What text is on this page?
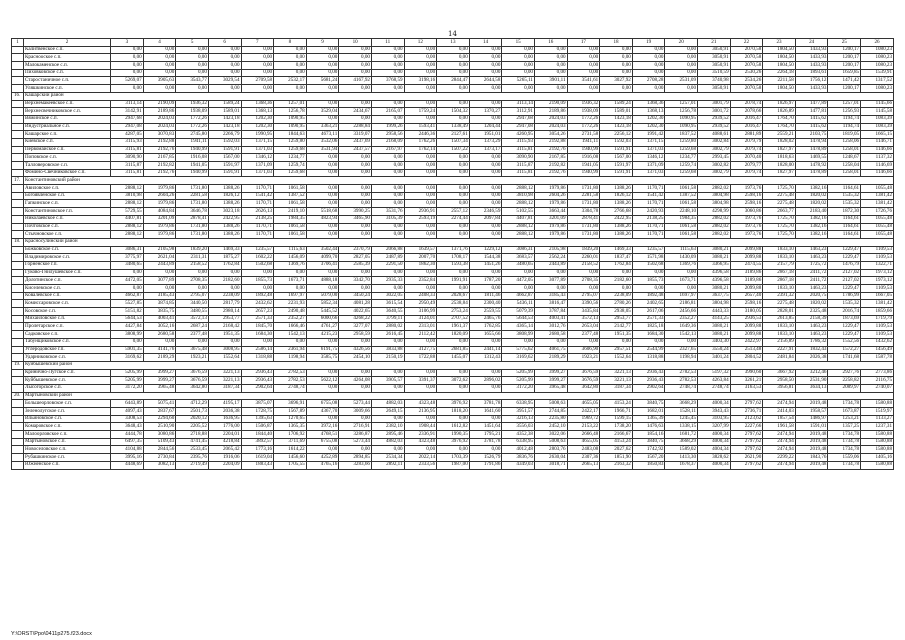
14
1	2	3	4	5	6	7	8	9	10	11	12	13	14	15	16	17	18	19	20	21	22	23	24	25	26
	Калитвенское с.п.	0,00	0,00	0,00	0,00	0,00	0,00	0,00	0,00	0,00	0,00	0,00	0,00	0,00	0,00	0,00	0,00	0,00	0,00	3050,91	2070,58	1804,50	1433,93	1200,17	1080,23
	Краснооское с.п.	0,00	0,00	0,00	0,00	0,00	0,00	0,00	0,00	0,00	0,00	0,00	0,00	0,00	0,00	0,00	0,00	0,00	0,00	3050,91	2070,58	1804,50	1433,93	1200,17	1080,23
	Малокаменское с.п.	0,00	0,00	0,00	0,00	0,00	0,00	0,00	0,00	0,00	0,00	0,00	0,00	0,00	0,00	0,00	0,00	0,00	0,00	3050,91	2070,58	1804,50	1433,93	1200,17	1080,23
	Пиховковское с.п.	0,00	0,00	0,00	0,00	0,00	0,00	0,00	0,00	0,00	0,00	0,00	0,00	0,00	0,00	0,00	0,00	0,00	0,00	3510,59	2530,26	2264,18	1893,61	1659,85	1539,91
	Старостаничное с.п.	5269,07	3905,63	3543,77	3029,54	2709,58	2532,17	5681,24	4167,92	3768,59	3198,16	2844,47	2644,58	5265,11	3901,11	3541,61	3027,92	2708,28	2531,09	3740,98	2534,26	2211,58	1756,12	1471,42	1317,52
	Уляшкинское с.п.	0,00	0,00	0,00	0,00	0,00	0,00	0,00	0,00	0,00	0,00	0,00	0,00	0,00	0,00	0,00	0,00	0,00	0,00	3050,91	2070,58	1804,50	1433,93	1200,17	1080,23
16.	Кашарский район																								
	Верхнемакеевское с.п.	3113,14	2190,09	1936,32	1589,24	1368,36	1257,01	0,00	0,00	0,00	0,00	0,00	0,00	3113,14	2190,09	1936,32	1589,24	1368,36	1257,01	3001,79	2078,74	1826,97	1477,89	1257,01	1145,66
	Верхнесвечниковское с.п.	3142,91	2189,86	1938,09	1589,01	1368,13	1256,78	3529,04	2434,67	2165,07	1759,24	1504,32	1370,27	3112,91	2189,86	1938,09	1589,01	1368,13	1256,78	3001,72	2078,66	1826,89	1477,81	1256,93	1145,58
	Вяжинское с.п.	2947,68	2024,03	1772,26	1423,18	1202,30	1090,95	0,00	0,00	0,00	0,00	0,00	0,00	2947,68	2024,03	1772,26	1423,18	1202,30	1090,95	2939,52	2016,47	1764,70	1415,62	1194,74	1083,39
	Индустриальное с.п.	2947,08	2024,03	1772,26	1423,18	1202,30	1090,95	3363,21	2288,84	1999,26	1593,41	1338,49	1204,44	2947,08	2024,03	1772,26	1423,18	1202,30	1090,95	2939,52	2016,47	1764,70	1415,62	1194,74	1083,39
	Кашарское с.п.	4287,05	3070,83	2745,80	2266,79	1990,95	1844,63	4673,11	3319,07	2958,56	2446,36	2127,61	1951,01	4260,95	3054,26	2731,58	2256,12	1991,42	1837,52	4088,61	2881,89	2559,21	2103,75	1819,05	1665,15
	Киевское с.п.	3115,93	2192,88	1941,11	1592,03	1371,15	1259,80	3532,06	2437,69	2168,09	1762,26	1507,34	1373,29	3115,93	2192,88	1941,11	1592,03	1371,15	1259,80	3002,84	2079,79	1828,02	1478,94	1258,06	1146,71
	Первомайское с.п.	3115,81	2192,76	1940,99	1591,91	1371,03	1259,68	3531,94	2437,57	2167,97	1762,14	1507,22	1373,17	3115,81	2192,76	1940,99	1591,91	1371,03	1259,68	3002,79	2079,74	1827,97	1478,89	1258,01	1146,66
	Поповское с.п.	3090,90	2167,85	1916,08	1567,00	1346,12	1234,77	0,00	0,00	0,00	0,00	0,00	0,00	3090,90	2167,85	1916,08	1567,00	1346,12	1234,77	2993,45	2070,40	1818,63	1469,55	1248,67	1137,32
	Талловеровское с.п.	3115,87	2192,82	1941,05	1591,97	1371,09	1259,74	0,00	0,00	0,00	0,00	0,00	0,00	3115,87	2192,82	1941,05	1591,97	1371,09	1259,74	3002,82	2079,77	1828,00	1478,92	1258,04	1146,69
	Фомино-Свечниковское с.п.	3115,81	2192,76	1940,99	1591,91	1371,03	1259,68	0,00	0,00	0,00	0,00	0,00	0,00	3115,81	2192,76	1940,99	1591,91	1371,03	1259,68	3002,79	2079,74	1827,97	1478,89	1258,01	1146,66
17.	Константиновский район																								
	Авиловское с.п.	2888,12	1979,86	1731,80	1388,26	1170,71	1061,58	0,00	0,00	0,00	0,00	0,00	0,00	2888,12	1979,86	1731,80	1388,26	1170,71	1061,58	2882,02	1973,76	1725,70	1382,16	1164,61	1055,48
	Богоявленское с.п.	3810,98	2604,26	2281,58	1826,12	1541,42	1387,52	0,00	0,00	0,00	0,00	0,00	0,00	3810,98	2604,26	2281,58	1826,12	1541,42	1387,52	3804,98	2598,16	2275,48	1820,02	1535,32	1381,42
	Гапкинское с.п.	2888,12	1979,86	1731,80	1388,26	1170,71	1061,58	0,00	0,00	0,00	0,00	0,00	0,00	2888,12	1979,86	1731,80	1388,26	1170,71	1061,58	3804,98	2598,16	2275,48	1820,02	1535,32	1381,42
	Константиновское г.п.	5729,55	4084,84	3646,78	3023,18	2626,13	2419,10	5518,68	3990,25	3531,76	2936,91	2557,12	2346,59	5102,55	3663,44	3304,78	2766,68	2420,93	2248,10	4298,99	3060,86	2663,77	2183,40	1872,30	1726,76
	Николаевское с.п.	4407,81	3201,09	2878,41	2422,95	2138,25	1984,35	4823,94	3465,90	3105,39	2593,19	2274,44	2097,84	4407,81	3201,09	2878,41	2422,95	2138,25	1984,35	2882,02	1973,76	1725,70	1382,16	1164,61	1055,48
	Почтовское с.п.	2888,12	1979,86	1731,80	1388,26	1170,71	1061,58	0,00	0,00	0,00	0,00	0,00	0,00	2888,12	1979,86	1731,80	1388,26	1170,71	1061,58	2882,02	1973,76	1725,70	1382,16	1164,61	1055,48
	Стычновское с.п.	2888,12	1979,86	1731,80	1388,26	1170,71	1061,58	0,00	0,00	0,00	0,00	0,00	0,00	2888,12	1979,86	1731,80	1388,26	1170,71	1061,58	2882,02	1973,76	1725,70	1382,16	1164,61	1055,48
18.	Красносулинский район																								
	Божковское с.п.	3086,31	2105,98	1839,20	1469,33	1235,57	1115,63	3502,44	2370,79	2066,88	1639,57	1371,76	1229,12	3086,31	2105,98	1839,20	1469,33	1235,57	1115,63	3080,21	2099,88	1833,10	1463,23	1229,47	1109,53
	Владимировское с.п.	3775,97	2621,04	2311,31	1875,27	1602,22	1456,09	4099,70	2827,05	2487,89	2007,70	1708,17	1544,38	3683,57	2562,24	2260,01	1837,47	1571,98	1430,09	3080,21	2099,88	1833,10	1463,23	1229,47	1109,53
	Горненское г.п.	3480,65	2443,89	2158,52	1762,84	1502,68	1369,76	3706,41	2585,39	2291,50	1862,30	1593,38	1451,26	3480,65	2443,89	2158,52	1762,84	1502,68	1369,76	3366,95	2474,55	2157,79	1725,72	1476,79	1322,71
	Гуково-Гнилушевское с.п.	0,00	0,00	0,00	0,00	0,00	0,00	0,00	0,00	0,00	0,00	0,00	0,00	0,00	0,00	0,00	0,00	0,00	0,00	4396,58	3189,86	2867,18	2411,72	2127,02	1973,12
	Долотинское с.п.	4472,05	3077,89	2708,35	2182,60	1855,73	1673,71	4888,18	3342,70	2935,33	2352,84	1991,91	1787,20	4472,05	3077,89	2708,35	2182,60	1855,73	1673,71	4396,58	3189,86	2867,18	2411,72	2127,02	1973,12
	Киселевское с.п.	0,00	0,00	0,00	0,00	0,00	0,00	0,00	0,00	0,00	0,00	0,00	0,00	0,00	0,00	0,00	0,00	0,00	0,00	3080,21	2099,88	1833,10	1463,23	1229,47	1109,53
	Ковалевское с.п.	4662,87	3185,43	2795,07	2238,09	1892,48	1697,97	5079,00	3450,24	3022,05	2408,33	2028,67	1811,46	4662,87	3185,43	2795,07	2238,09	1892,48	1697,97	3637,75	2657,40	2391,32	2020,75	1786,99	1667,05
	Комиссаровское с.п.	5527,85	3874,85	3440,50	2817,79	2432,62	2231,93	5852,34	4081,28	3615,54	2950,49	2538,84	2300,40	5436,11	3816,47	3390,56	2780,26	2402,65	2186,81	3804,98	2598,16	2275,48	1820,02	1535,32	1381,42
	Косовское с.п.	5151,82	3835,75	3480,55	2980,14	2657,23	2490,48	5445,52	4022,65	3640,55	3106,99	2753,24	2559,55	5079,39	3787,84	3435,84	2938,05	2617,06	2456,66	4443,33	3180,05	2828,01	2325,48	2016,74	1859,66
	Михайловское с.п.	5644,53	4003,41	3572,13	2953,77	2571,33	2352,27	6000,66	4268,22	3799,11	3124,01	2707,52	2465,76	5644,53	4003,41	3572,13	2953,77	2571,33	2352,27	4143,25	2936,53	2613,85	2158,39	1873,69	1719,79
	Пролетарское с.п.	4427,84	3052,16	2687,24	2168,42	1845,70	1666,46	4761,27	3277,07	2880,02	2313,01	1961,37	1762,85	4365,14	3012,76	2653,04	2142,77	1825,18	1649,36	3080,21	2099,88	1833,10	1463,23	1229,47	1109,53
	Садковское с.п.	3808,99	2680,58	2377,48	1951,35	1684,30	1542,13	4215,23	2958,59	2616,45	2112,42	1820,09	1655,66	3808,99	2680,58	2377,48	1951,35	1684,30	1542,13	3080,21	2099,88	1833,10	1463,23	1229,47	1109,53
	Табунщиковское с.п.	0,00	0,00	0,00	0,00	0,00	0,00	0,00	0,00	0,00	0,00	0,00	0,00	0,00	0,00	0,00	0,00	0,00	0,00	3403,30	2422,97	2156,89	1786,32	1552,56	1432,62
	Углеродовское г.п.	5901,35	4141,76	3675,48	3008,95	2586,14	2361,94	6191,75	4326,56	3833,88	3127,75	2681,85	2441,14	5775,62	4061,75	3606,90	2957,51	2544,99	2327,65	3550,24	2513,48	2227,91	1832,43	1572,27	1456,49
	Ударниковское с.п.	3169,62	2189,29	1923,21	1552,64	1318,88	1198,94	3585,75	2454,10	2150,19	1722,88	1455,07	1312,43	3169,62	2189,29	1923,21	1552,64	1318,88	1198,94	3401,24	2804,52	2481,84	2026,38	1741,68	1587,78
19.	Куйбышевский район																								
	Кринично-Лугское с.п.	5205,99	3999,27	3676,59	3221,13	2936,43	2782,53	0,00	0,00	0,00	0,00	0,00	0,00	5205,99	3999,27	3676,59	3221,13	2936,43	2782,53	5197,32	3990,60	3667,92	3212,46	2927,76	2773,86
	Куйбышевское с.п.	5205,99	3999,27	3676,59	3221,13	2936,43	2782,53	5622,12	4264,08	3905,57	3391,37	3072,62	2896,02	5205,99	3999,27	3676,59	3221,13	2936,43	2782,53	4263,84	3261,21	2958,50	2531,90	2258,82	2116,75
	Лысогорское с.п.	3172,20	3965,48	3642,80	3187,34	2902,64	2748,74	0,00	0,00	0,00	0,00	0,00	0,00	3172,20	3965,48	3642,80	3187,34	2902,64	2748,74	2748,74	3163,53	3956,81	3634,13	2089,97	2740,07
20.	Мартыновский район																								
	Большеорловское с.п.	6443,89	5075,41	4712,29	4195,17	3875,07	3696,91	6755,08	5273,44	4882,03	4323,48	3976,92	3781,78	6338,95	5008,63	4655,05	4153,24	3840,75	3668,29	4000,34	2797,62	2474,94	2019,48	1734,78	1580,88
	Зеленолугское с.п.	4097,43	2837,67	2501,73	2036,38	1728,75	1567,89	4367,70	3009,66	2649,15	2136,95	1818,20	1641,60	3951,57	2744,85	2422,17	1966,71	1682,01	1528,11	3943,43	2736,71	2414,03	1958,57	1673,87	1519,97
	Ильиновское с.п.	3308,53	2294,60	2020,12	1636,95	1395,63	1270,65	0,00	0,00	0,00	0,00	0,00	0,00	3216,13	2235,80	1969,72	1599,15	1365,39	1245,45	3103,95	2123,62	1857,54	1486,97	1253,21	1133,27
	Комаровское с.п.	3648,43	2510,90	2205,52	1776,00	1506,87	1365,35	3972,16	2716,91	2382,10	1908,44	1612,82	1451,64	3556,03	2452,10	2153,22	1738,20	1476,63	1338,15	3207,99	2227,66	1961,58	1591,01	1357,25	1237,31
	Малоорловское с.п.	4444,78	3080,86	2718,88	2204,01	1844,40	1706,92	4768,51	3286,87	2895,46	2336,91	1990,35	1795,21	4352,38	3022,06	2666,48	2166,67	1854,16	1681,72	4000,34	2797,62	2474,94	2019,48	1734,78	1580,88
	Мартыновское с.п.	6497,35	5109,43	4741,45	4218,84	3892,57	3711,69	6755,08	5273,44	4882,03	4323,48	3976,92	3781,78	6338,95	5008,63	4655,05	4153,24	3840,75	3668,29	4000,34	2797,62	2474,94	2019,48	1734,78	1580,88
	Новоселовское с.п.	4104,88	2844,56	2533,45	2065,42	1773,16	1614,22	0,00	0,00	0,00	0,00	0,00	0,00	4012,48	2803,76	2483,08	2027,62	1742,92	1589,02	4004,34	2797,62	2474,94	2019,48	1734,78	1580,88
	Рубашкинское с.п.	3995,16	2730,84	2395,76	1916,06	1619,04	1456,60	4252,89	2894,85	2534,34	2022,14	1703,39	1526,79	3836,76	2630,04	2307,36	1851,90	1567,20	1413,30	3828,62	2621,90	2299,22	1843,76	1559,06	1405,16
	Южненское с.п.	4448,69	3082,13	2719,49	2204,09	1883,43	1705,55	4765,16	3283,66	2892,11	2333,56	1987,00	1791,86	4349,03	3018,71	2665,13	2163,32	1850,83	1678,37	4000,34	2797,62	2474,94	2019,48	1734,78	1580,88
Y:\ORST\Ppo\0411p275.f23.docx
